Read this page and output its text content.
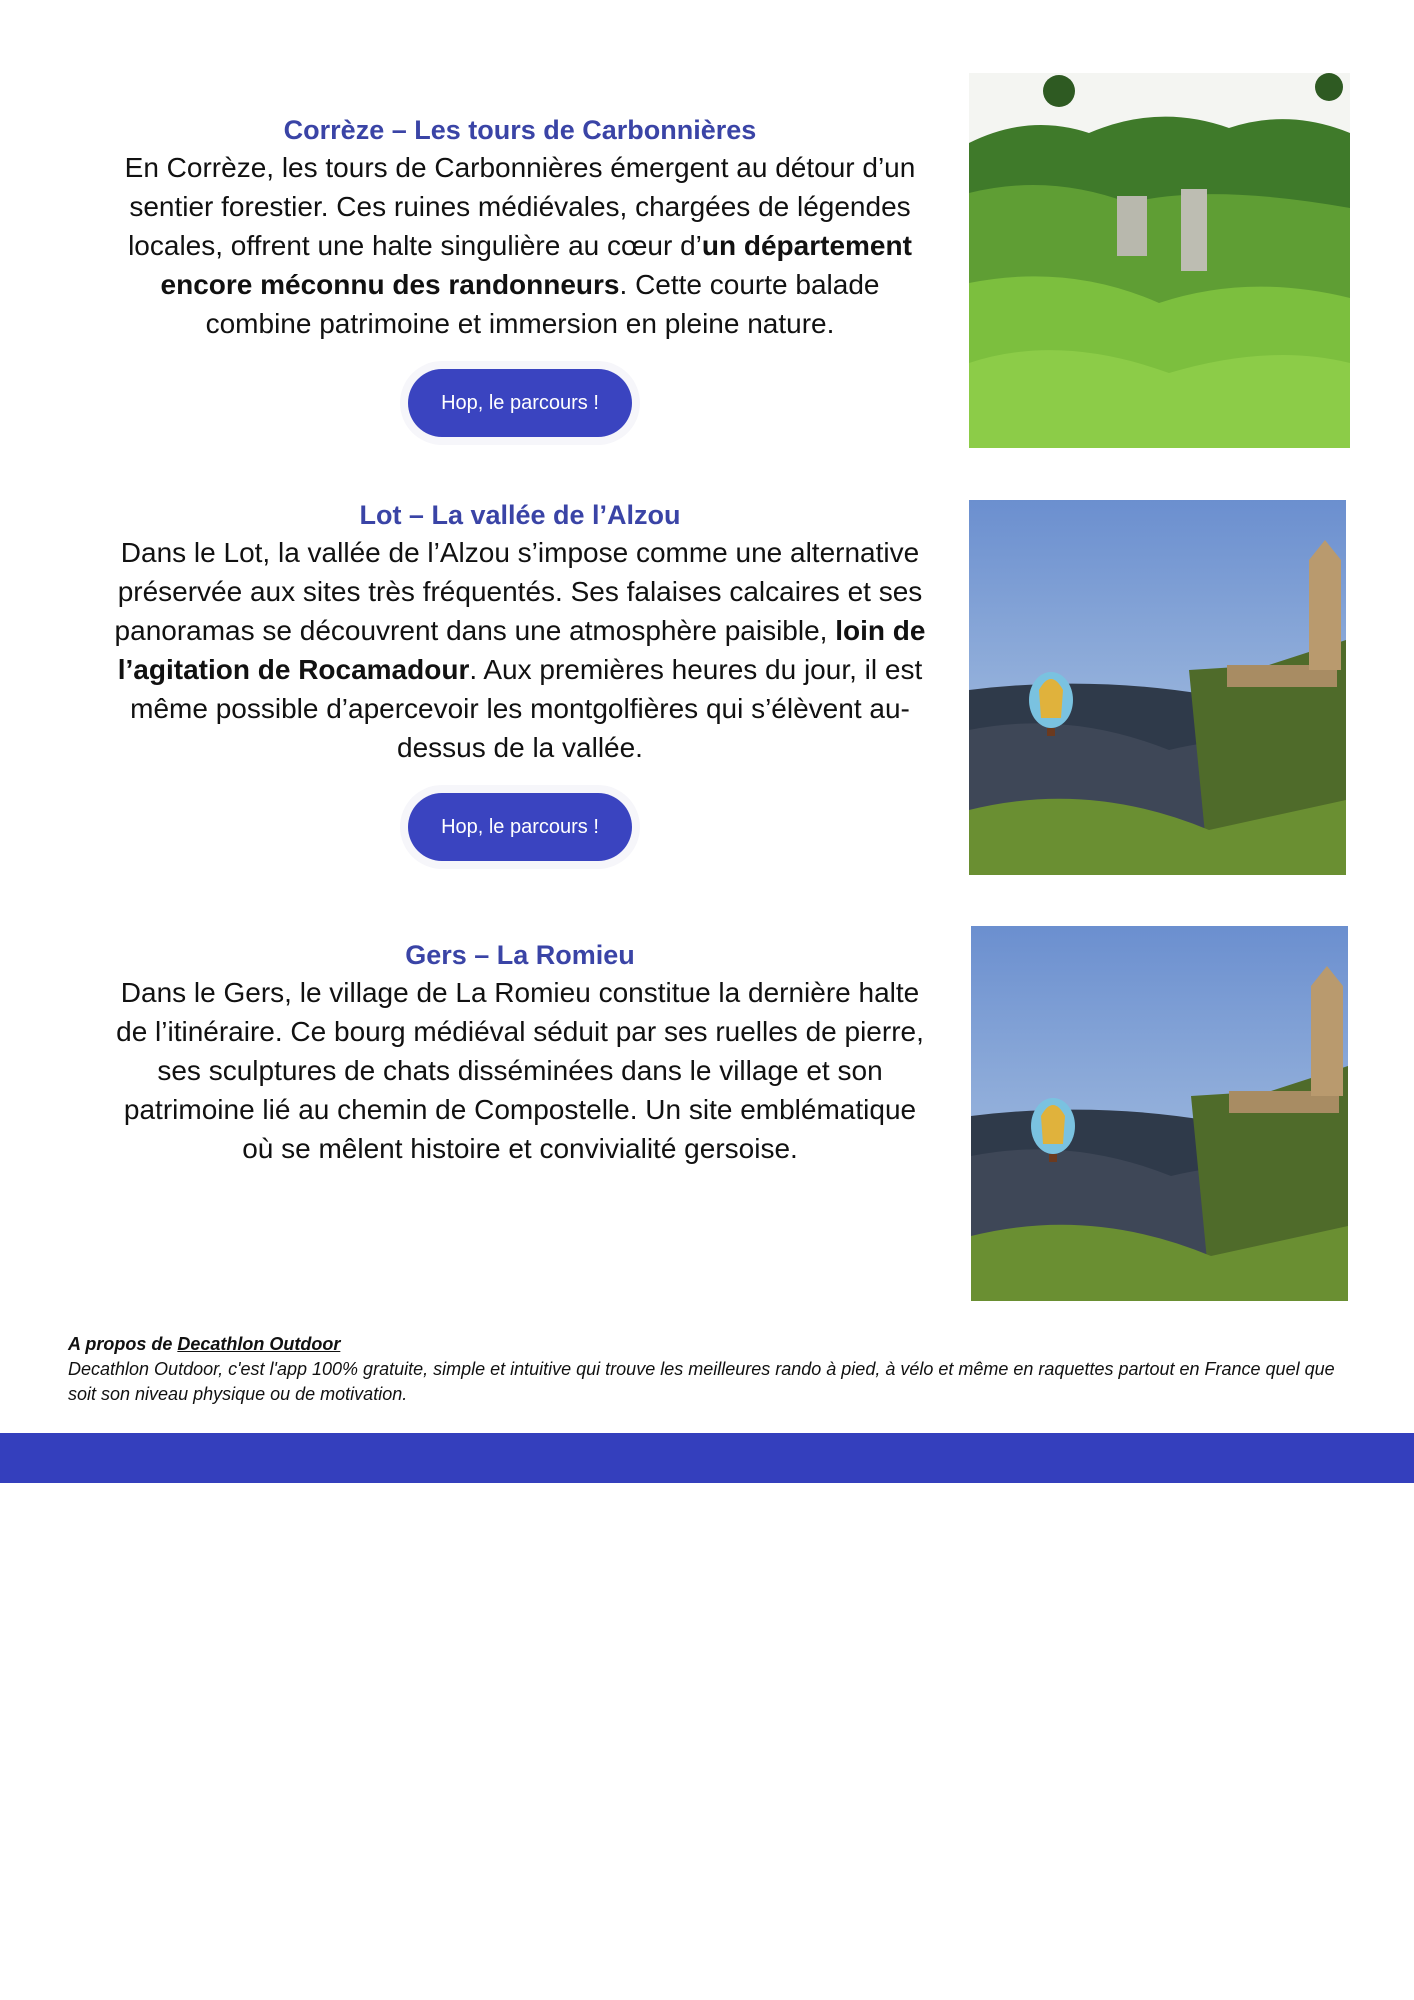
Corrèze – Les tours de Carbonnières

En Corrèze, les tours de Carbonnières émergent au détour d’un sentier forestier. Ces ruines médiévales, chargées de légendes locales, offrent une halte singulière au cœur d’un département encore méconnu des randonneurs. Cette courte balade combine patrimoine et immersion en pleine nature.

Hop, le parcours !
Lot – La vallée de l’Alzou

Dans le Lot, la vallée de l’Alzou s’impose comme une alternative préservée aux sites très fréquentés. Ses falaises calcaires et ses panoramas se découvrent dans une atmosphère paisible, loin de l’agitation de Rocamadour. Aux premières heures du jour, il est même possible d’apercevoir les montgolfières qui s’élèvent au-dessus de la vallée.

Hop, le parcours !
Gers – La Romieu

Dans le Gers, le village de La Romieu constitue la dernière halte de l’itinéraire. Ce bourg médiéval séduit par ses ruelles de pierre, ses sculptures de chats disséminées dans le village et son patrimoine lié au chemin de Compostelle. Un site emblématique où se mêlent histoire et convivialité gersoise.

A propos de Decathlon Outdoor
Decathlon Outdoor, c'est l'app 100% gratuite, simple et intuitive qui trouve les meilleures rando à pied, à vélo et même en raquettes partout en France quel que soit son niveau physique ou de motivation.
